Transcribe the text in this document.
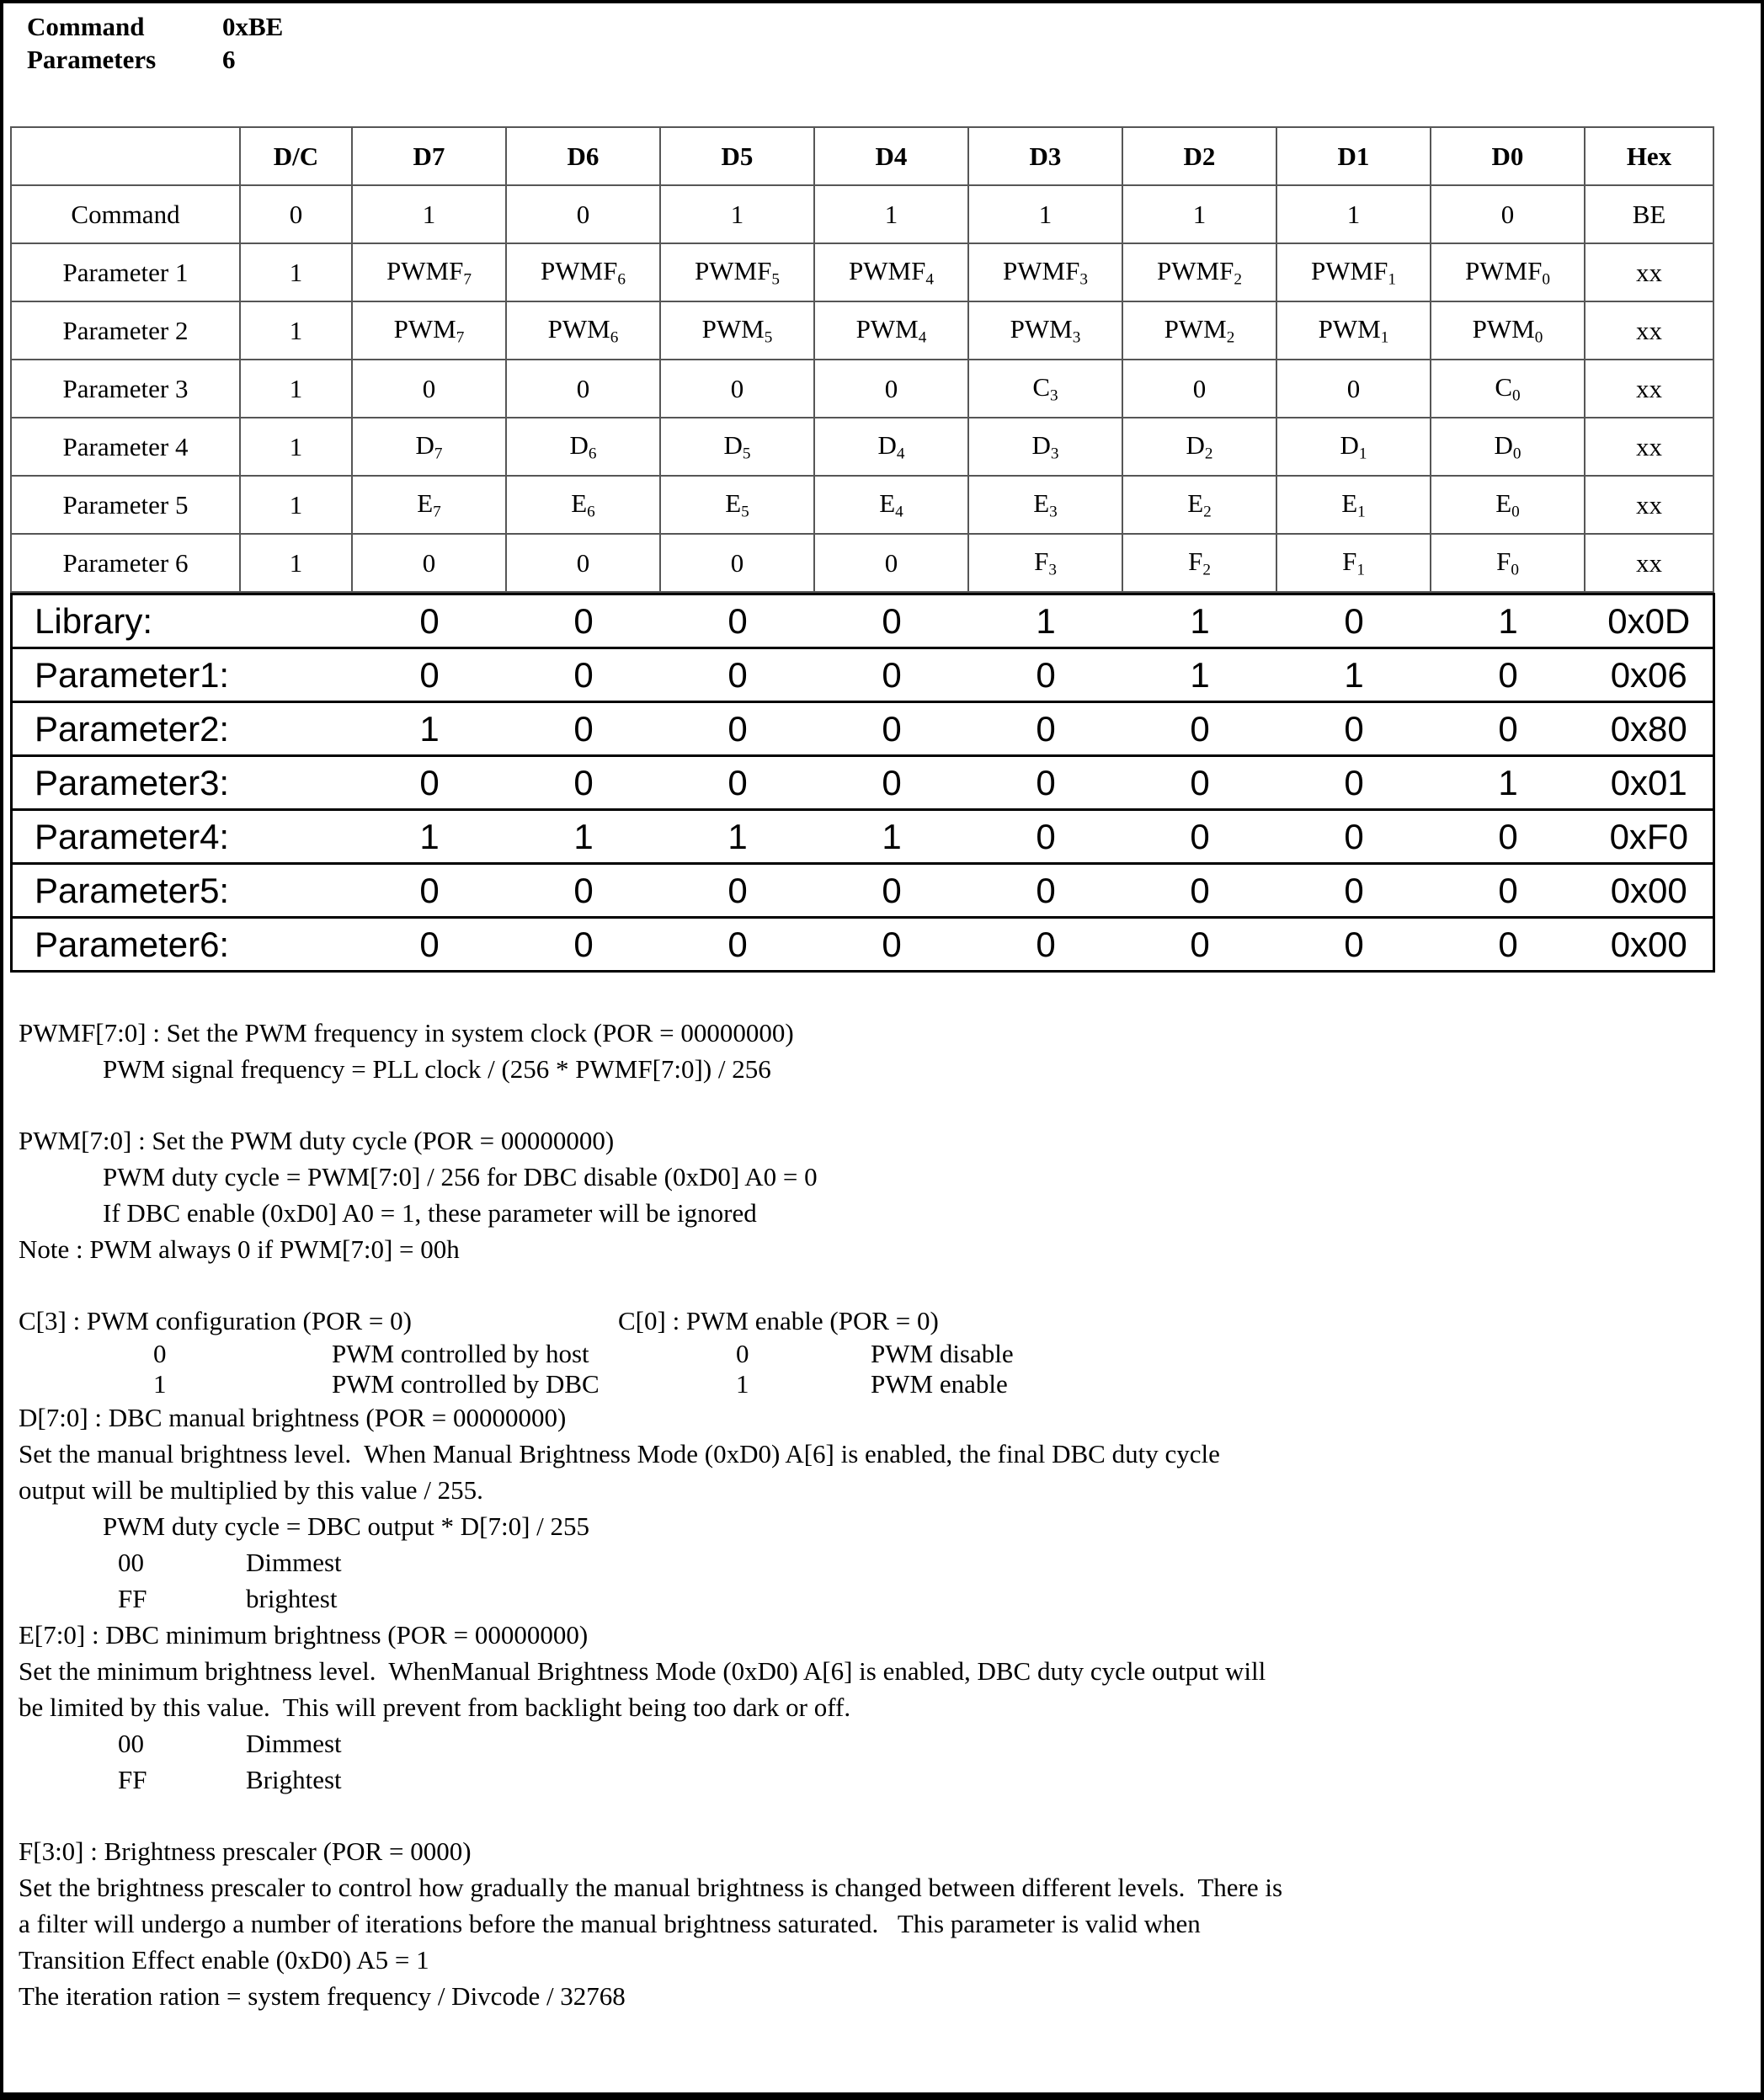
Command	0xBE
Parameters	6
	D/C	D7	D6	D5	D4	D3	D2	D1	D0	Hex
Command	0	1	0	1	1	1	1	1	0	BE
Parameter 1	1	$PWMF_7$	$PWMF_6$	$PWMF_5$	$PWMF_4$	$PWMF_3$	$PWMF_2$	$PWMF_1$	$PWMF_0$	xx
Parameter 2	1	$PWM_7$	$PWM_6$	$PWM_5$	$PWM_4$	$PWM_3$	$PWM_2$	$PWM_1$	$PWM_0$	xx
Parameter 3	1	0	0	0	0	$C_3$	0	0	$C_0$	xx
Parameter 4	1	$D_7$	$D_6$	$D_5$	$D_4$	$D_3$	$D_2$	$D_1$	$D_0$	xx
Parameter 5	1	$E_7$	$E_6$	$E_5$	$E_4$	$E_3$	$E_2$	$E_1$	$E_0$	xx
Parameter 6	1	0	0	0	0	$F_3$	$F_2$	$F_1$	$F_0$	xx
Library:	0	0	0	0	1	1	0	1	0x0D
Parameter1:	0	0	0	0	0	1	1	0	0x06
Parameter2:	1	0	0	0	0	0	0	0	0x80
Parameter3:	0	0	0	0	0	0	0	1	0x01
Parameter4:	1	1	1	1	0	0	0	0	0xF0
Parameter5:	0	0	0	0	0	0	0	0	0x00
Parameter6:	0	0	0	0	0	0	0	0	0x00
PWMF[7:0] : Set the PWM frequency in system clock (POR = 00000000)
PWM signal frequency = PLL clock / (256 * PWMF[7:0]) / 256
PWM[7:0] : Set the PWM duty cycle (POR = 00000000)
PWM duty cycle = PWM[7:0] / 256 for DBC disable (0xD0] A0 = 0
If DBC enable (0xD0] A0 = 1, these parameter will be ignored
Note : PWM always 0 if PWM[7:0] = 00h
C[3] : PWM configuration (POR = 0)
0	PWM controlled by host
1	PWM controlled by DBC
C[0] : PWM enable (POR = 0)
0	PWM disable
1	PWM enable
D[7:0] : DBC manual brightness (POR = 00000000)
Set the manual brightness level.  When Manual Brightness Mode (0xD0) A[6] is enabled, the final DBC duty cycle
output will be multiplied by this value / 255.
PWM duty cycle = DBC output * D[7:0] / 255
00	Dimmest
FF	brightest
E[7:0] : DBC minimum brightness (POR = 00000000)
Set the minimum brightness level.  WhenManual Brightness Mode (0xD0) A[6] is enabled, DBC duty cycle output will
be limited by this value.  This will prevent from backlight being too dark or off.
00	Dimmest
FF	Brightest
F[3:0] : Brightness prescaler (POR = 0000)
Set the brightness prescaler to control how gradually the manual brightness is changed between different levels.  There is
a filter will undergo a number of iterations before the manual brightness saturated.   This parameter is valid when
Transition Effect enable (0xD0) A5 = 1
The iteration ration = system frequency / Divcode / 32768
